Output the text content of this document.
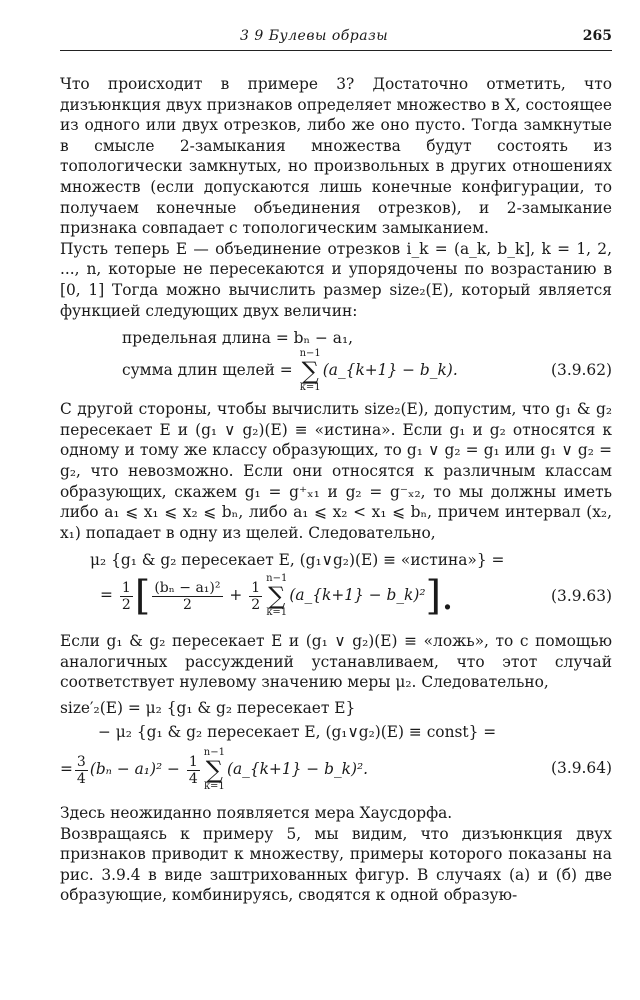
3 9 Булевы образы	265

Что происходит в примере 3? Достаточно отметить, что дизъюнкция двух признаков определяет множество в X, состоящее из одного или двух отрезков, либо же оно пусто. Тогда замкнутые в смысле 2-замыкания множества будут состоять из топологически замкнутых, но произвольных в других отношениях множеств (если допускаются лишь конечные конфигурации, то получаем конечные объединения отрезков), и 2-замыкание признака совпадает с топологическим замыканием.

Пусть теперь E — объединение отрезков i_k = (a_k, b_k], k = 1, 2, ..., n, которые не пересекаются и упорядочены по возрастанию в [0, 1] Тогда можно вычислить размер size₂(E), который является функцией следующих двух величин:

предельная длина = bₙ − a₁,
сумма длин щелей =
n−1
∑
k=1
(a_{k+1} − b_k).	(3.9.62)

С другой стороны, чтобы вычислить size₂(E), допустим, что g₁ & g₂ пересекает E и (g₁ ∨ g₂)(E) ≡ «истина». Если g₁ и g₂ относятся к одному и тому же классу образующих, то g₁ ∨ g₂ = g₁ или g₁ ∨ g₂ = g₂, что невозможно. Если они относятся к различным классам образующих, скажем g₁ = g⁺ₓ₁ и g₂ = g⁻ₓ₂, то мы должны иметь либо a₁ ⩽ x₁ ⩽ x₂ ⩽ bₙ, либо a₁ ⩽ x₂ < x₁ ⩽ bₙ, причем интервал (x₂, x₁) попадает в одну из щелей. Следовательно,

μ₂ {g₁ & g₂ пересекает E, (g₁∨g₂)(E) ≡ «истина»} =
= $\frac{1}{2}$ [ $\frac{\text{(bₙ − a₁)²}}{2} + \frac{1}{2}$
n−1
∑
k=1
(a_{k+1} − b_k)²].	(3.9.63)

Если g₁ & g₂ пересекает E и (g₁ ∨ g₂)(E) ≡ «ложь», то с помощью аналогичных рассуждений устанавливаем, что этот случай соответствует нулевому значению меры μ₂. Следовательно,

size′₂(E) = μ₂ {g₁ & g₂ пересекает E}
− μ₂ {g₁ & g₂ пересекает E, (g₁∨g₂)(E) ≡ const} =
= $\frac{3}{4} (b_n - a_1)^2 - \frac{1}{4}$
n−1
∑
k=1
(a_{k+1} − b_k)².	(3.9.64)

Здесь неожиданно появляется мера Хаусдорфа.

Возвращаясь к примеру 5, мы видим, что дизъюнкция двух признаков приводит к множеству, примеры которого показаны на рис. 3.9.4 в виде заштрихованных фигур. В случаях (а) и (б) две образующие, комбинируясь, сводятся к одной образую-
